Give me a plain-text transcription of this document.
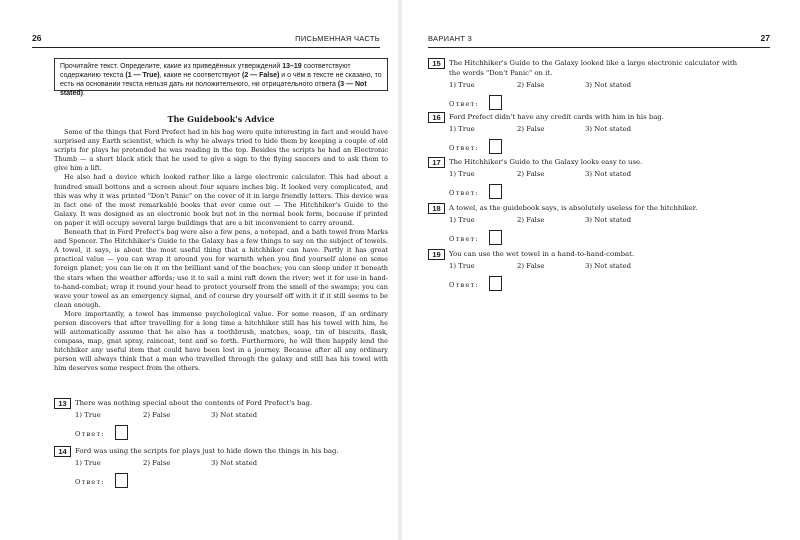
26	ПИСЬМЕННАЯ ЧАСТЬ
Прочитайте текст. Определите, какие из приведённых утверждений 13–19 соответствуют содержанию текста (1 — True), какие не соответствуют (2 — False) и о чём в тексте не сказано, то есть на основании текста нельзя дать ни положительного, ни отрицательного ответа (3 — Not stated).
The Guidebook's Advice

Some of the things that Ford Prefect had in his bag were quite interesting in fact and would have surprised any Earth scientist, which is why he always tried to hide them by keeping a couple of old scripts for plays he pretended he was reading in the top. Besides the scripts he had an Electronic Thumb — a short black stick that he used to give a sign to the flying saucers and to ask them to give him a lift.

He also had a device which looked rather like a large electronic calculator. This had about a hundred small bottons and a screen about four square inches big. It looked very complicated, and this was why it was printed "Don't Panic" on the cover of it in large friendly letters. This device was in fact one of the most remarkable books that ever came out — The Hitchhiker's Guide to the Galaxy. It was designed as an electronic book but not in the normal book form, because if printed on paper it will occupy several large buildings that are a bit inconvenient to carry around.

Beneath that in Ford Prefect's bag were also a few pens, a notepad, and a bath towel from Marks and Spencer. The Hitchhiker's Guide to the Galaxy has a few things to say on the subject of towels. A towel, it says, is about the most useful thing that a hitchhiker can have. Partly it has great practical value — you can wrap it around you for warmth when you find yourself alone on some foreign planet; you can lie on it on the brilliant sand of the beaches; you can sleep under it beneath the stars when the weather affords; use it to sail a mini raft down the river; wet it for use in hand-to-hand-combat; wrap it round your head to protect yourself from the smell of the swamps; you can wave your towel as an emergency signal, and of course dry yourself off with it if it still seems to be clean enough.

More importantly, a towel has immense psychological value. For some reason, if an ordinary person discovers that after travelling for a long time a hitchhiker still has his towel with him, he will automatically assume that he also has a toothbrush, matches, soap, tin of biscuits, flask, compass, map, gnat spray, raincoat, tent and so forth. Furthermore, he will then happily lend the hitchhiker any useful item that could have been lost in a journey. Because after all any ordinary person will always think that a man who travelled through the galaxy and still has his towel with him deserves some respect from the others.

13	There was nothing special about the contents of Ford Prefect's bag.
1) True	2) False	3) Not stated
Ответ:
14	Ford was using the scripts for plays just to hide down the things in his bag.
1) True	2) False	3) Not stated
Ответ:
ВАРИАНТ 3	27
15	The Hitchhiker's Guide to the Galaxy looked like a large electronic calculator with
the words "Don't Panic" on it.
1) True	2) False	3) Not stated
Ответ:
16	Ford Prefect didn't have any credit cards with him in his bag.
1) True	2) False	3) Not stated
Ответ:
17	The Hitchhiker's Guide to the Galaxy looks easy to use.
1) True	2) False	3) Not stated
Ответ:
18	A towel, as the guidebook says, is absolutely useless for the hitchhiker.
1) True	2) False	3) Not stated
Ответ:
19	You can use the wet towel in a hand-to-hand-combat.
1) True	2) False	3) Not stated
Ответ:
